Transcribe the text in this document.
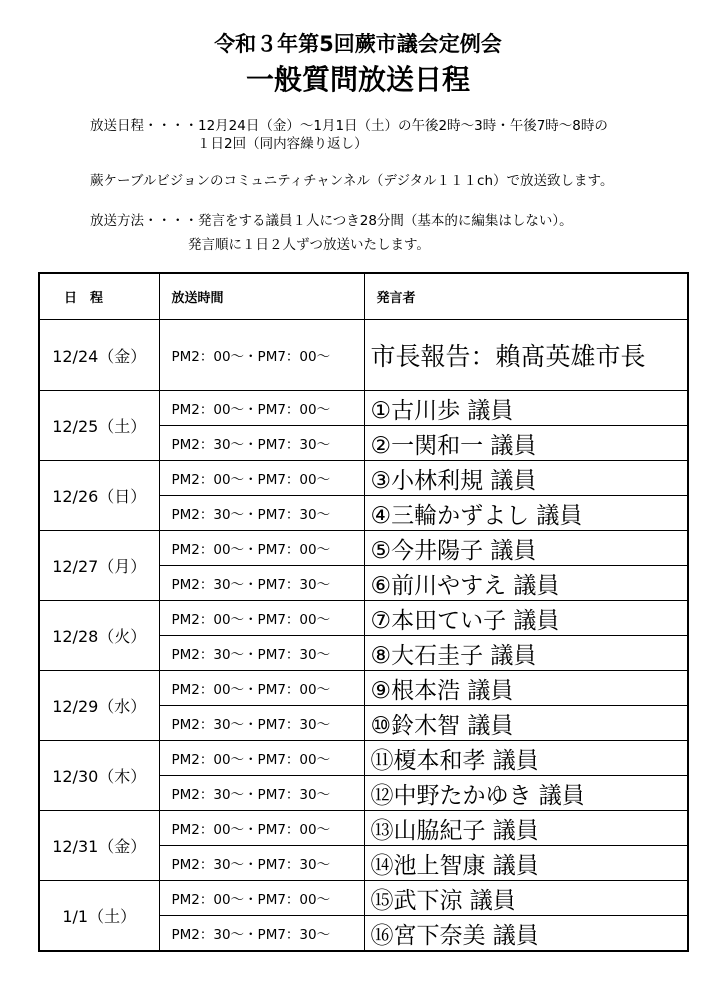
令和３年第5回蕨市議会定例会
一般質問放送日程
放送日程・・・・12月24日（金）～1月1日（土）の午後2時～3時・午後7時～8時の
１日2回（同内容繰り返し）
蕨ケーブルビジョンのコミュニティチャンネル（デジタル１１１ch）で放送致します。
放送方法・・・・発言をする議員１人につき28分間（基本的に編集はしない）。
発言順に１日２人ずつ放送いたします。
日　程	放送時間	発言者
12/24（金）	PM2：00～・PM7：00～	市長報告：賴髙英雄市長
12/25（土）	PM2：00～・PM7：00～	①古川歩 議員
	PM2：30～・PM7：30～	②一関和一 議員
12/26（日）	PM2：00～・PM7：00～	③小林利規 議員
	PM2：30～・PM7：30～	④三輪かずよし 議員
12/27（月）	PM2：00～・PM7：00～	⑤今井陽子 議員
	PM2：30～・PM7：30～	⑥前川やすえ 議員
12/28（火）	PM2：00～・PM7：00～	⑦本田てい子 議員
	PM2：30～・PM7：30～	⑧大石圭子 議員
12/29（水）	PM2：00～・PM7：00～	⑨根本浩 議員
	PM2：30～・PM7：30～	⑩鈴木智 議員
12/30（木）	PM2：00～・PM7：00～	⑪榎本和孝 議員
	PM2：30～・PM7：30～	⑫中野たかゆき 議員
12/31（金）	PM2：00～・PM7：00～	⑬山脇紀子 議員
	PM2：30～・PM7：30～	⑭池上智康 議員
1/1（土）	PM2：00～・PM7：00～	⑮武下涼 議員
	PM2：30～・PM7：30～	⑯宮下奈美 議員
